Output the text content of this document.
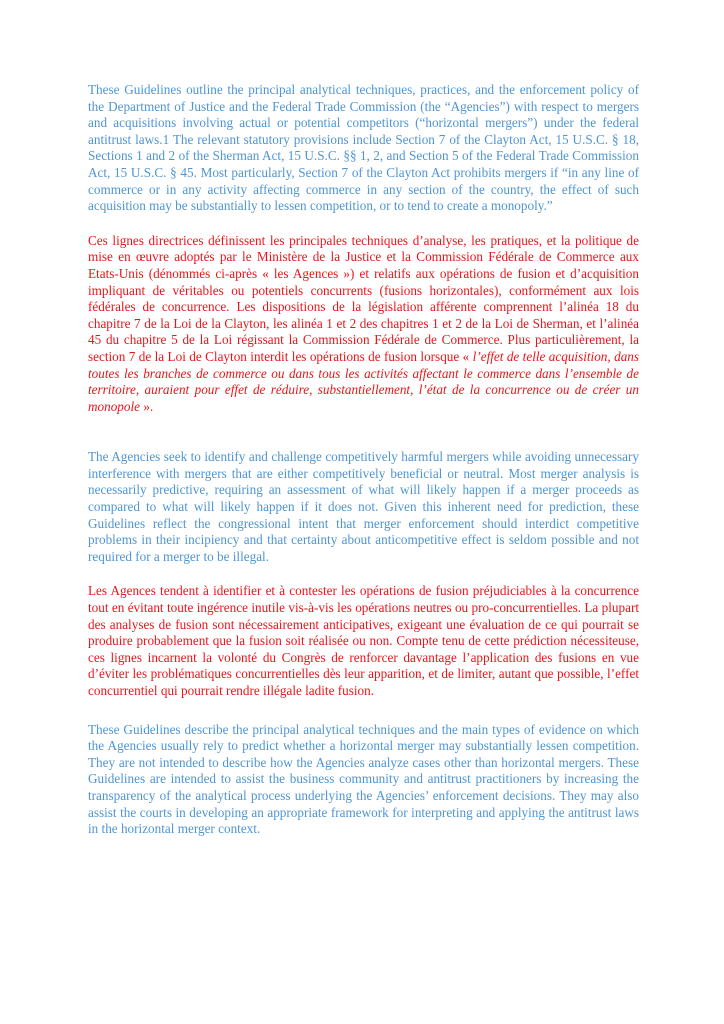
These Guidelines outline the principal analytical techniques, practices, and the enforcement policy of the Department of Justice and the Federal Trade Commission (the “Agencies”) with respect to mergers and acquisitions involving actual or potential competitors (“horizontal mergers”) under the federal antitrust laws.1 The relevant statutory provisions include Section 7 of the Clayton Act, 15 U.S.C. § 18, Sections 1 and 2 of the Sherman Act, 15 U.S.C. §§ 1, 2, and Section 5 of the Federal Trade Commission Act, 15 U.S.C. § 45. Most particularly, Section 7 of the Clayton Act prohibits mergers if “in any line of commerce or in any activity affecting commerce in any section of the country, the effect of such acquisition may be substantially to lessen competition, or to tend to create a monopoly.”

Ces lignes directrices définissent les principales techniques d’analyse, les pratiques, et la politique de mise en œuvre adoptés par le Ministère de la Justice et la Commission Fédérale de Commerce aux Etats-Unis (dénommés ci-après « les Agences ») et relatifs aux opérations de fusion et d’acquisition impliquant de véritables ou potentiels concurrents (fusions horizontales), conformément aux lois fédérales de concurrence. Les dispositions de la législation afférente comprennent l’alinéa 18 du chapitre 7 de la Loi de la Clayton, les alinéa 1 et 2 des chapitres 1 et 2 de la Loi de Sherman, et l’alinéa 45 du chapitre 5 de la Loi régissant la Commission Fédérale de Commerce. Plus particulièrement, la section 7 de la Loi de Clayton interdit les opérations de fusion lorsque « l’effet de telle acquisition, dans toutes les branches de commerce ou dans tous les activités affectant le commerce dans l’ensemble de territoire, auraient pour effet de réduire, substantiellement, l’état de la concurrence ou de créer un monopole ».

The Agencies seek to identify and challenge competitively harmful mergers while avoiding unnecessary interference with mergers that are either competitively beneficial or neutral. Most merger analysis is necessarily predictive, requiring an assessment of what will likely happen if a merger proceeds as compared to what will likely happen if it does not. Given this inherent need for prediction, these Guidelines reflect the congressional intent that merger enforcement should interdict competitive problems in their incipiency and that certainty about anticompetitive effect is seldom possible and not required for a merger to be illegal.

Les Agences tendent à identifier et à contester les opérations de fusion préjudiciables à la concurrence tout en évitant toute ingérence inutile vis-à-vis les opérations neutres ou pro-concurrentielles. La plupart des analyses de fusion sont nécessairement anticipatives, exigeant une évaluation de ce qui pourrait se produire probablement que la fusion soit réalisée ou non. Compte tenu de cette prédiction nécessiteuse, ces lignes incarnent la volonté du Congrès de renforcer davantage l’application des fusions en vue d’éviter les problématiques concurrentielles dès leur apparition, et de limiter, autant que possible, l’effet concurrentiel qui pourrait rendre illégale ladite fusion.

These Guidelines describe the principal analytical techniques and the main types of evidence on which the Agencies usually rely to predict whether a horizontal merger may substantially lessen competition. They are not intended to describe how the Agencies analyze cases other than horizontal mergers. These Guidelines are intended to assist the business community and antitrust practitioners by increasing the transparency of the analytical process underlying the Agencies’ enforcement decisions. They may also assist the courts in developing an appropriate framework for interpreting and applying the antitrust laws in the horizontal merger context.
